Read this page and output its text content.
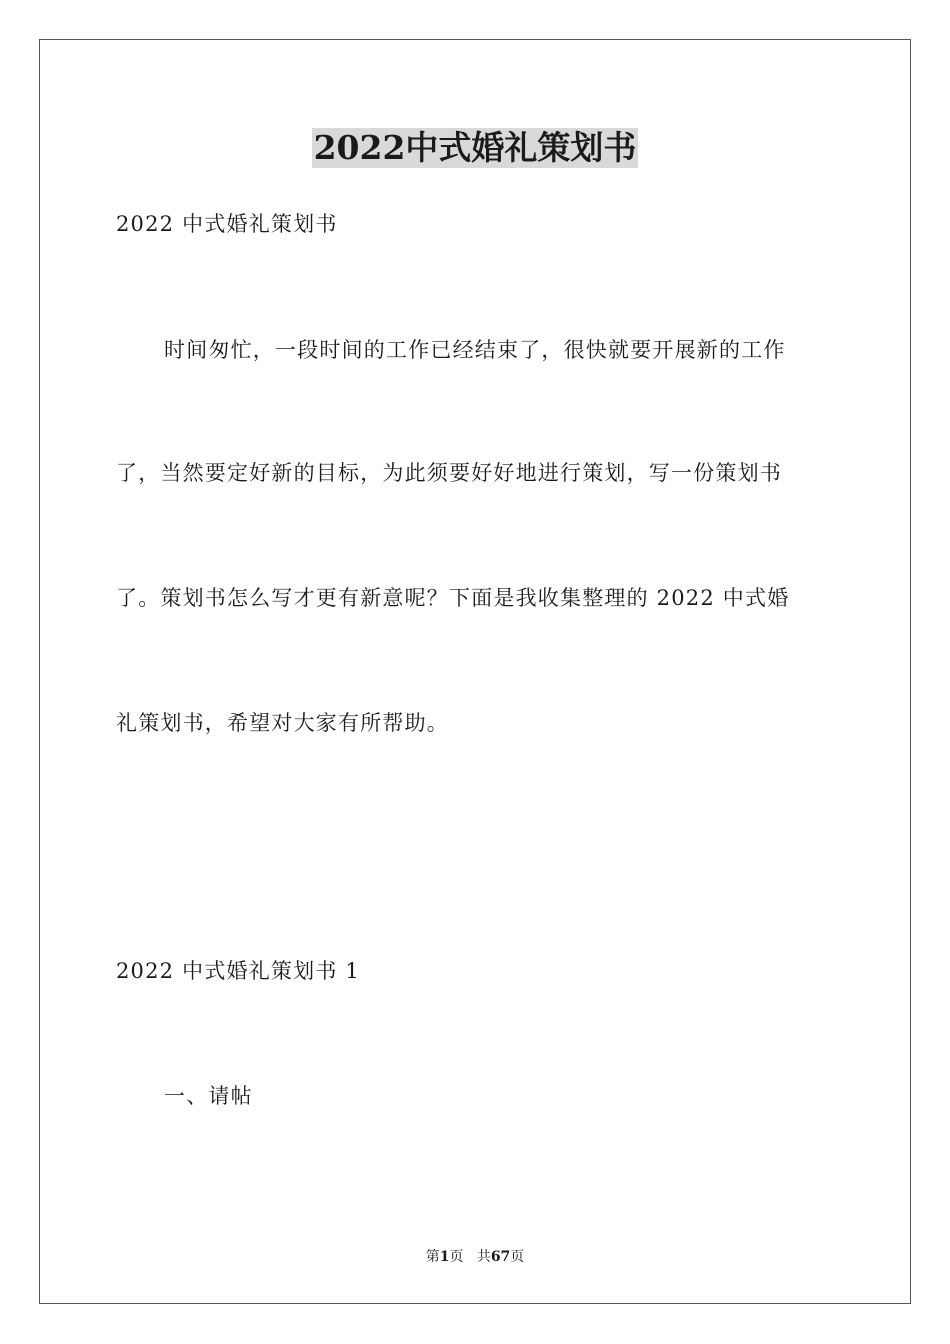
2022中式婚礼策划书
2022 中式婚礼策划书
时间匆忙，一段时间的工作已经结束了，很快就要开展新的工作
了，当然要定好新的目标，为此须要好好地进行策划，写一份策划书
了。策划书怎么写才更有新意呢？下面是我收集整理的 2022 中式婚
礼策划书，希望对大家有所帮助。
2022 中式婚礼策划书 1
一、请帖
第1页 共67页
